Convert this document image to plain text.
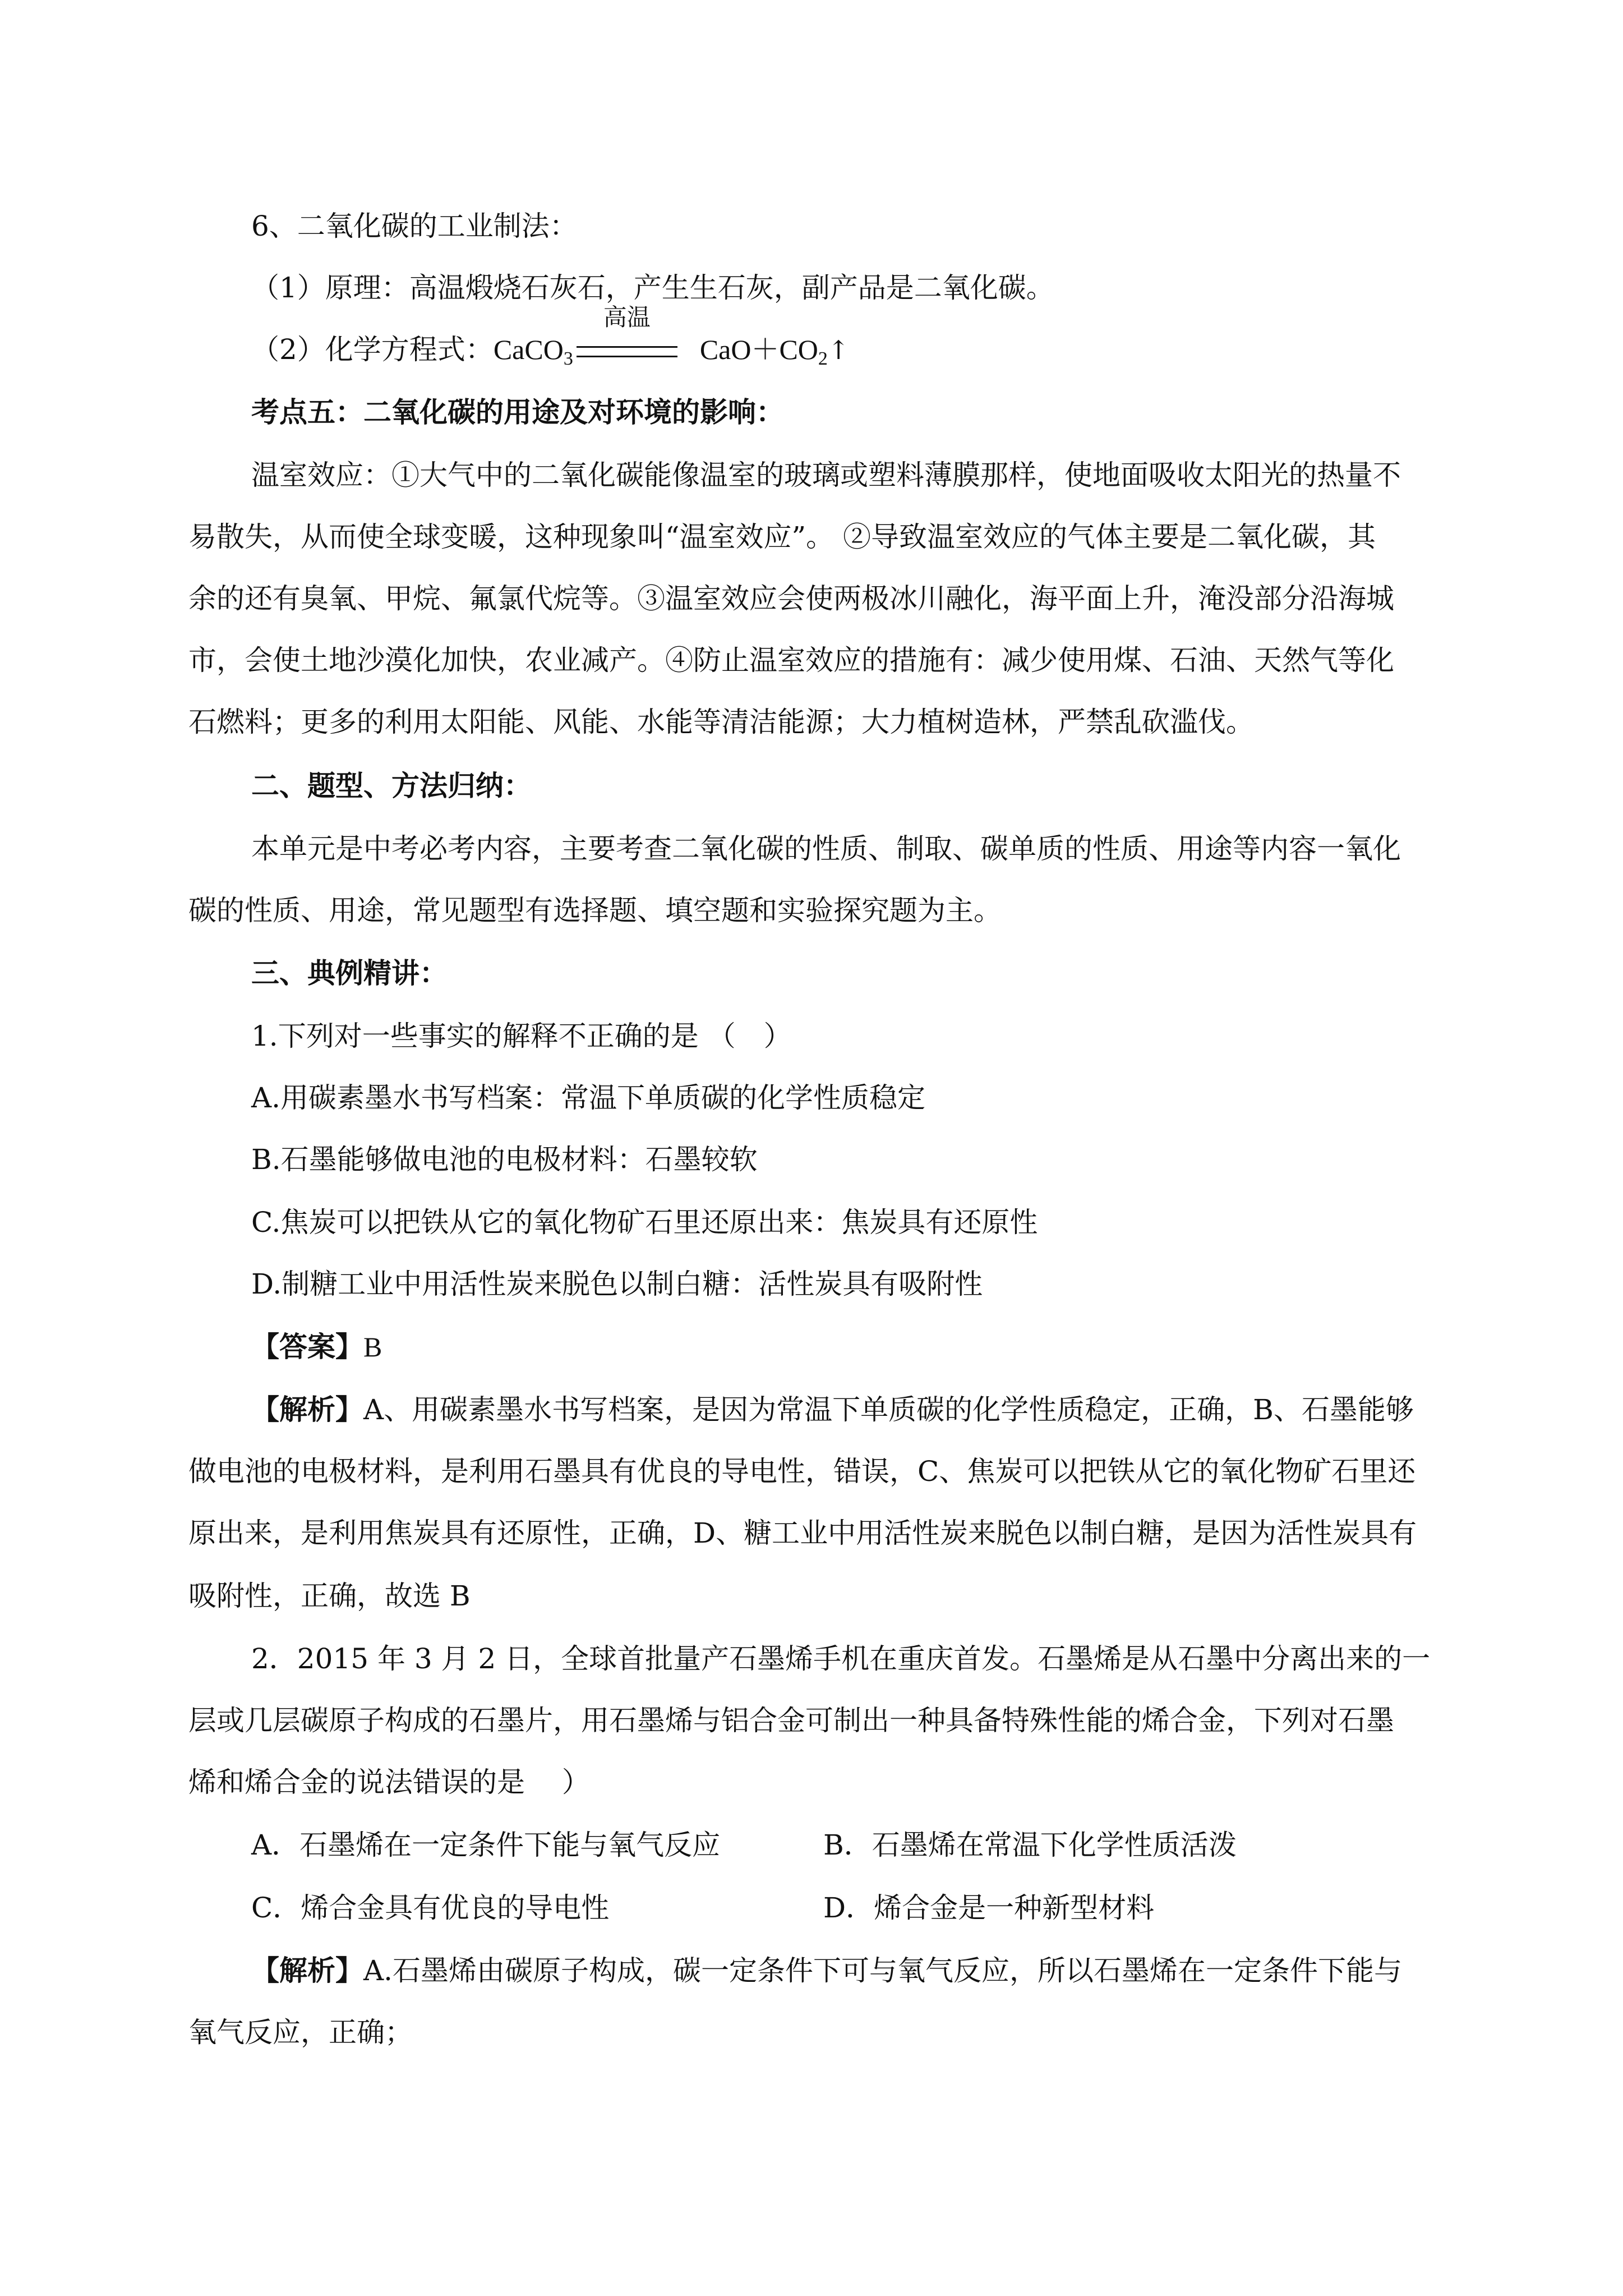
6、二氧化碳的工业制法：
（1）原理：高温煅烧石灰石，产生生石灰，副产品是二氧化碳。
（2）化学方程式：CaCO$_3$
高温
$CaO+CO_2↑$
考点五：二氧化碳的用途及对环境的影响：
温室效应：①大气中的二氧化碳能像温室的玻璃或塑料薄膜那样，使地面吸收太阳光的热量不
易散失，从而使全球变暖，这种现象叫“温室效应”。 ②导致温室效应的气体主要是二氧化碳，其
余的还有臭氧、甲烷、氟氯代烷等。③温室效应会使两极冰川融化，海平面上升，淹没部分沿海城
市，会使土地沙漠化加快，农业减产。④防止温室效应的措施有：减少使用煤、石油、天然气等化
石燃料；更多的利用太阳能、风能、水能等清洁能源；大力植树造林，严禁乱砍滥伐。
二、题型、方法归纳：
本单元是中考必考内容，主要考查二氧化碳的性质、制取、碳单质的性质、用途等内容一氧化
碳的性质、用途，常见题型有选择题、填空题和实验探究题为主。
三、典例精讲：
1.下列对一些事实的解释不正确的是 （　）
A.用碳素墨水书写档案：常温下单质碳的化学性质稳定
B.石墨能够做电池的电极材料：石墨较软
C.焦炭可以把铁从它的氧化物矿石里还原出来：焦炭具有还原性
D.制糖工业中用活性炭来脱色以制白糖：活性炭具有吸附性
【答案】B
【解析】A、用碳素墨水书写档案，是因为常温下单质碳的化学性质稳定，正确，B、石墨能够
做电池的电极材料，是利用石墨具有优良的导电性，错误，C、焦炭可以把铁从它的氧化物矿石里还
原出来，是利用焦炭具有还原性，正确，D、糖工业中用活性炭来脱色以制白糖，是因为活性炭具有
吸附性，正确，故选 B
2．2015 年 3 月 2 日，全球首批量产石墨烯手机在重庆首发。石墨烯是从石墨中分离出来的一
层或几层碳原子构成的石墨片，用石墨烯与铝合金可制出一种具备特殊性能的烯合金，下列对石墨
烯和烯合金的说法错误的是　 ）
A．石墨烯在一定条件下能与氧气反应	B．石墨烯在常温下化学性质活泼
C．烯合金具有优良的导电性	D．烯合金是一种新型材料
【解析】A.石墨烯由碳原子构成，碳一定条件下可与氧气反应，所以石墨烯在一定条件下能与
氧气反应，正确；
